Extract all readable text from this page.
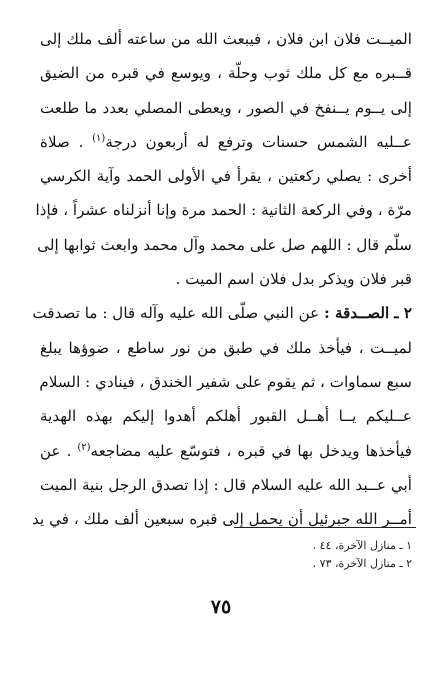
الميــت فلان ابن فلان ، فيبعث الله من ساعته ألف ملك إلى
قــبره مع كل ملك ثوب وحلّة ، ويوسع في قبره من الضيق
إلى يــوم يــنفخ في الصور ، ويعطى المصلي بعدد ما طلعت
عــليه الشمس حسنات وترفع له أربعون درجة$^{(١)}$ . صلاة
أخرى : يصلي ركعتين ، يقرأ في الأولى الحمد وآية الكرسي
مرّة ، وفي الركعة الثانية : الحمد مرة وإنا أنزلناه عشراً ، فإذا
سلّم قال : اللهم صل على محمد وآل محمد وابعث ثوابها إلى
قبر فلان ويذكر بدل فلان اسم الميت .
٢ ـ الصــدقة : عن النبي صلّى الله عليه وآله قال : ما تصدقت
لميــت ، فيأخذ ملك في طبق من نور ساطع ، ضوؤها يبلغ
سبع سماوات ، ثم يقوم على شفير الخندق ، فينادي : السلام
عــليكم يــا أهــل القبور أهلكم أهدوا إليكم بهذه الهدية
فيأخذها ويدخل بها في قبره ، فتوسّع عليه مضاجعه$^{(٢)}$ . عن
أبي عــبد الله عليه السلام قال : إذا تصدق الرجل بنية الميت
أمــر الله جبرئيل أن يحمل إلى قبره سبعين ألف ملك ، في يد
١ ـ منازل الآخرة، ٤٤ .
٢ ـ منازل الآخرة، ٧٣ .
٧٥
